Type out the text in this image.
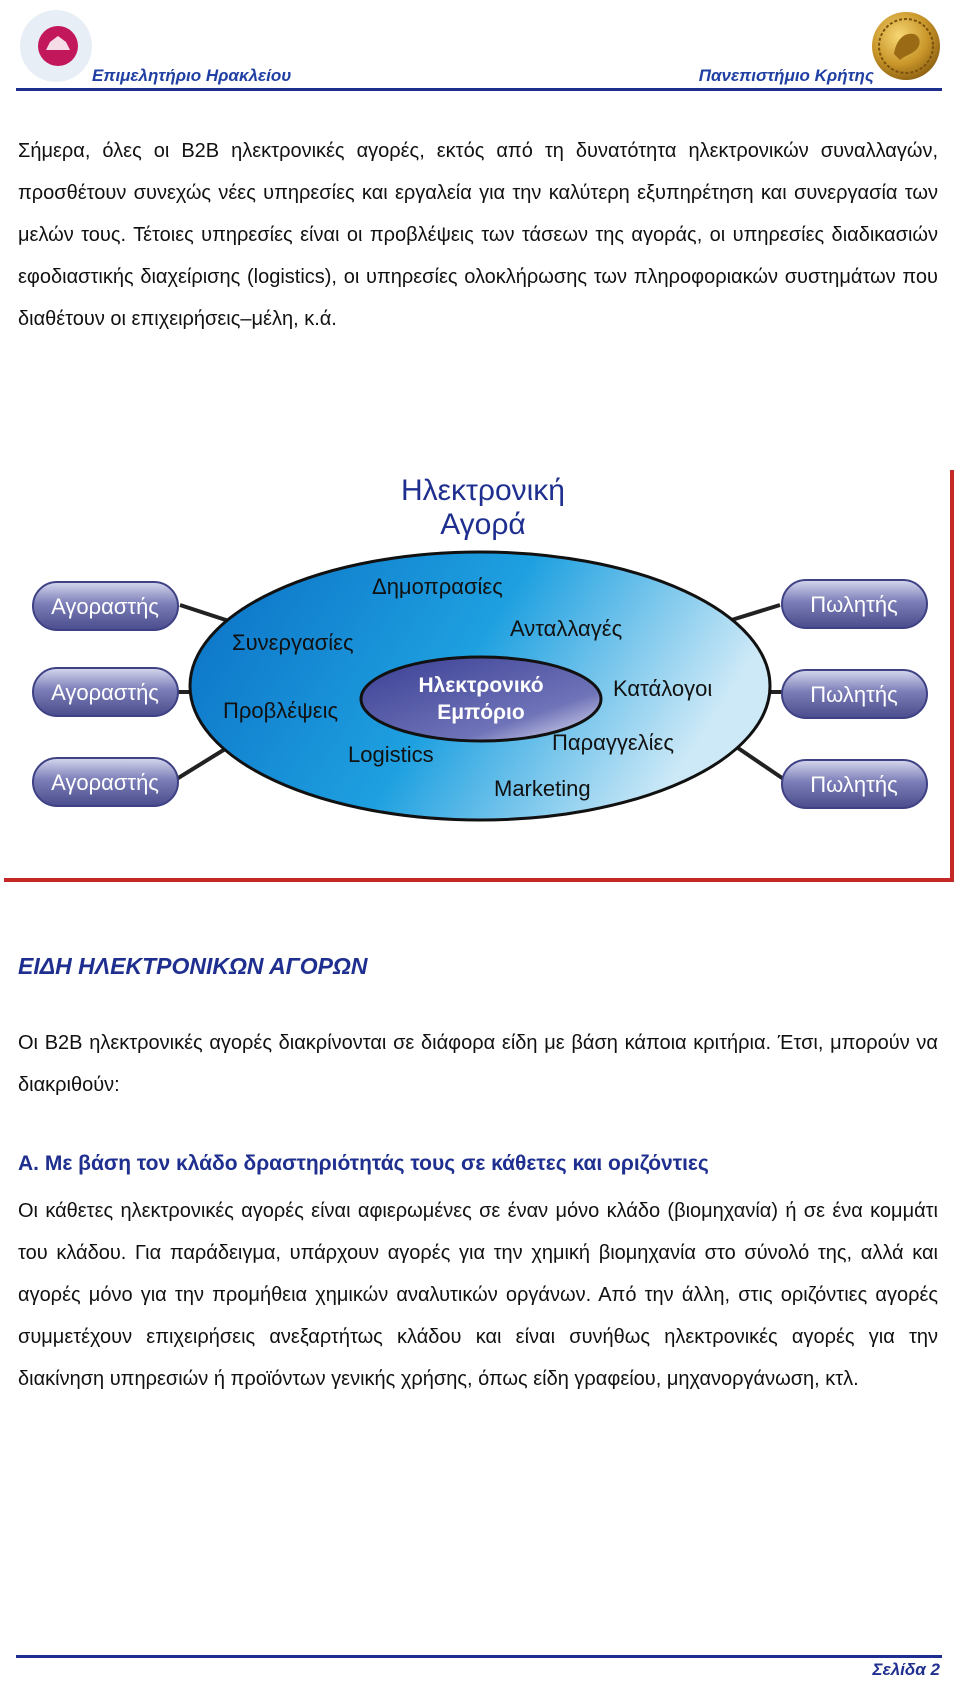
Επιμελητήριο Ηρακλείου	Πανεπιστήμιο Κρήτης

Σήμερα, όλες οι B2B ηλεκτρονικές αγορές, εκτός από τη δυνατότητα ηλεκτρονικών συναλλαγών, προσθέτουν συνεχώς νέες υπηρεσίες και εργαλεία για την καλύτερη εξυπηρέτηση και συνεργασία των μελών τους. Τέτοιες υπηρεσίες είναι οι προβλέψεις των τάσεων της αγοράς, οι υπηρεσίες διαδικασιών εφοδιαστικής διαχείρισης (logistics), οι υπηρεσίες ολοκλήρωσης των πληροφοριακών συστημάτων που διαθέτουν οι επιχειρήσεις–μέλη, κ.ά.

Ηλεκτρονική
Αγορά
Αγοραστής
Αγοραστής
Αγοραστής
Πωλητής
Πωλητής
Πωλητής
Δημοπρασίες
Ανταλλαγές
Συνεργασίες
Προβλέψεις
Κατάλογοι
Παραγγελίες
Logistics
Marketing
Ηλεκτρονικό
Εμπόριο
ΕΙΔΗ ΗΛΕΚΤΡΟΝΙΚΩΝ ΑΓΟΡΩΝ

Οι B2B ηλεκτρονικές αγορές διακρίνονται σε διάφορα είδη με βάση κάποια κριτήρια. Έτσι, μπορούν να διακριθούν:

Α. Με βάση τον κλάδο δραστηριότητάς τους σε κάθετες και οριζόντιες

Οι κάθετες ηλεκτρονικές αγορές είναι αφιερωμένες σε έναν μόνο κλάδο (βιομηχανία) ή σε ένα κομμάτι του κλάδου. Για παράδειγμα, υπάρχουν αγορές για την χημική βιομηχανία στο σύνολό της, αλλά και αγορές μόνο για την προμήθεια χημικών αναλυτικών οργάνων. Από την άλλη, στις οριζόντιες αγορές συμμετέχουν επιχειρήσεις ανεξαρτήτως κλάδου και είναι συνήθως ηλεκτρονικές αγορές για την διακίνηση υπηρεσιών ή προϊόντων γενικής χρήσης, όπως είδη γραφείου, μηχανοργάνωση, κτλ.

Σελίδα 2
